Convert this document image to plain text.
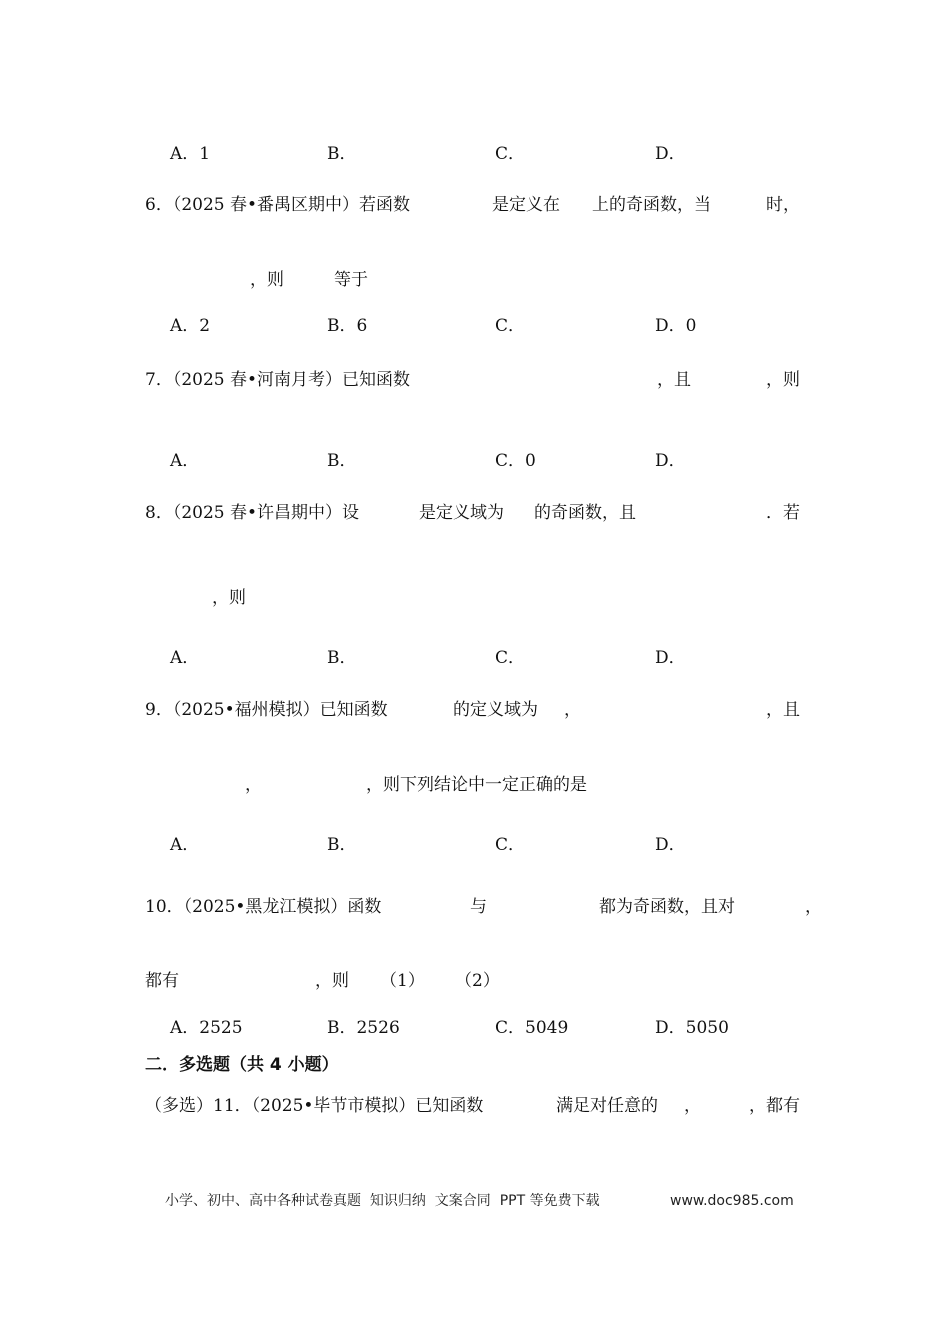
A．1	B．	C．	D．
6．（2025 春•番禺区期中）若函数	是定义在 上的奇函数，当	时，
，则	等于
A．2	B．6	C．	D．0
7．（2025 春•河南月考）已知函数	，且	，则
A．	B．	C．0	D．
8．（2025 春•许昌期中）设	是定义域为 的奇函数，且	．若
，则
A．	B．	C．	D．
9．（2025•福州模拟）已知函数	的定义域为 ，	，且
，	，则下列结论中一定正确的是
A．	B．	C．	D．
10．（2025•黑龙江模拟）函数	与	都为奇函数，且对	，
都有	，则 （1） （2）
A．2525	B．2526	C．5049	D．5050
二．多选题（共 4 小题）
（多选）11．（2025•毕节市模拟）已知函数	满足对任意的 ，	，都有
小学、初中、高中各种试卷真题  知识归纳  文案合同  PPT 等免费下载	www.doc985.com
